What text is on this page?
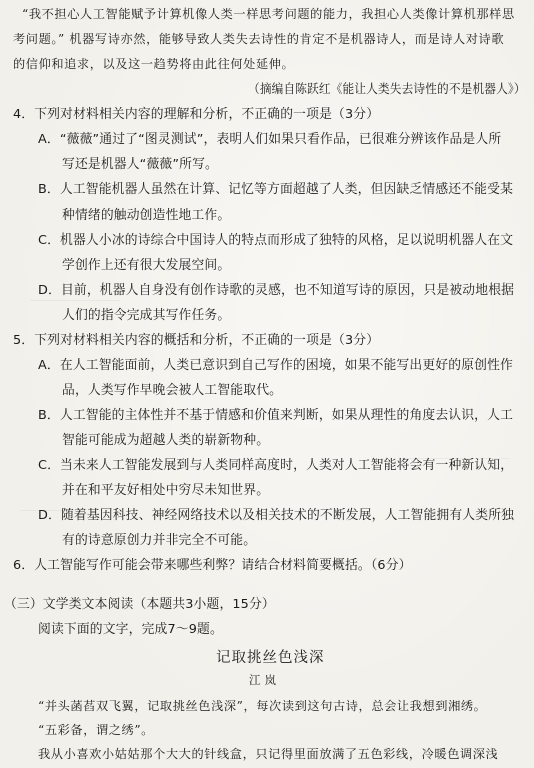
“我不担心人工智能赋予计算机像人类一样思考问题的能力，我担心人类像计算机那样思
考问题。” 机器写诗亦然，能够导致人类失去诗性的肯定不是机器诗人，而是诗人对诗歌
的信仰和追求，以及这一趋势将由此往何处延伸。
（摘编自陈跃红《能让人类失去诗性的不是机器人》）
4．下列对材料相关内容的理解和分析，不正确的一项是（3分）
A．“薇薇”通过了“图灵测试”，表明人们如果只看作品，已很难分辨该作品是人所
写还是机器人“薇薇”所写。
B．人工智能机器人虽然在计算、记忆等方面超越了人类，但因缺乏情感还不能受某
种情绪的触动创造性地工作。
C．机器人小冰的诗综合中国诗人的特点而形成了独特的风格，足以说明机器人在文
学创作上还有很大发展空间。
D．目前，机器人自身没有创作诗歌的灵感，也不知道写诗的原因，只是被动地根据
人们的指令完成其写作任务。
5．下列对材料相关内容的概括和分析，不正确的一项是（3分）
A．在人工智能面前，人类已意识到自己写作的困境，如果不能写出更好的原创性作
品，人类写作早晚会被人工智能取代。
B．人工智能的主体性并不基于情感和价值来判断，如果从理性的角度去认识，人工
智能可能成为超越人类的崭新物种。
C．当未来人工智能发展到与人类同样高度时，人类对人工智能将会有一种新认知，
并在和平友好相处中穷尽未知世界。
D．随着基因科技、神经网络技术以及相关技术的不断发展，人工智能拥有人类所独
有的诗意原创力并非完全不可能。
6．人工智能写作可能会带来哪些利弊？请结合材料简要概括。（6分）
（三）文学类文本阅读（本题共3小题，15分）
阅读下面的文字，完成7～9题。
记取挑丝色浅深
江 岚
“并头菡萏双飞翼，记取挑丝色浅深”，每次读到这句古诗，总会让我想到湘绣。
“五彩备，谓之绣”。
我从小喜欢小姑姑那个大大的针线盒，只记得里面放满了五色彩线，冷暖色调深浅
